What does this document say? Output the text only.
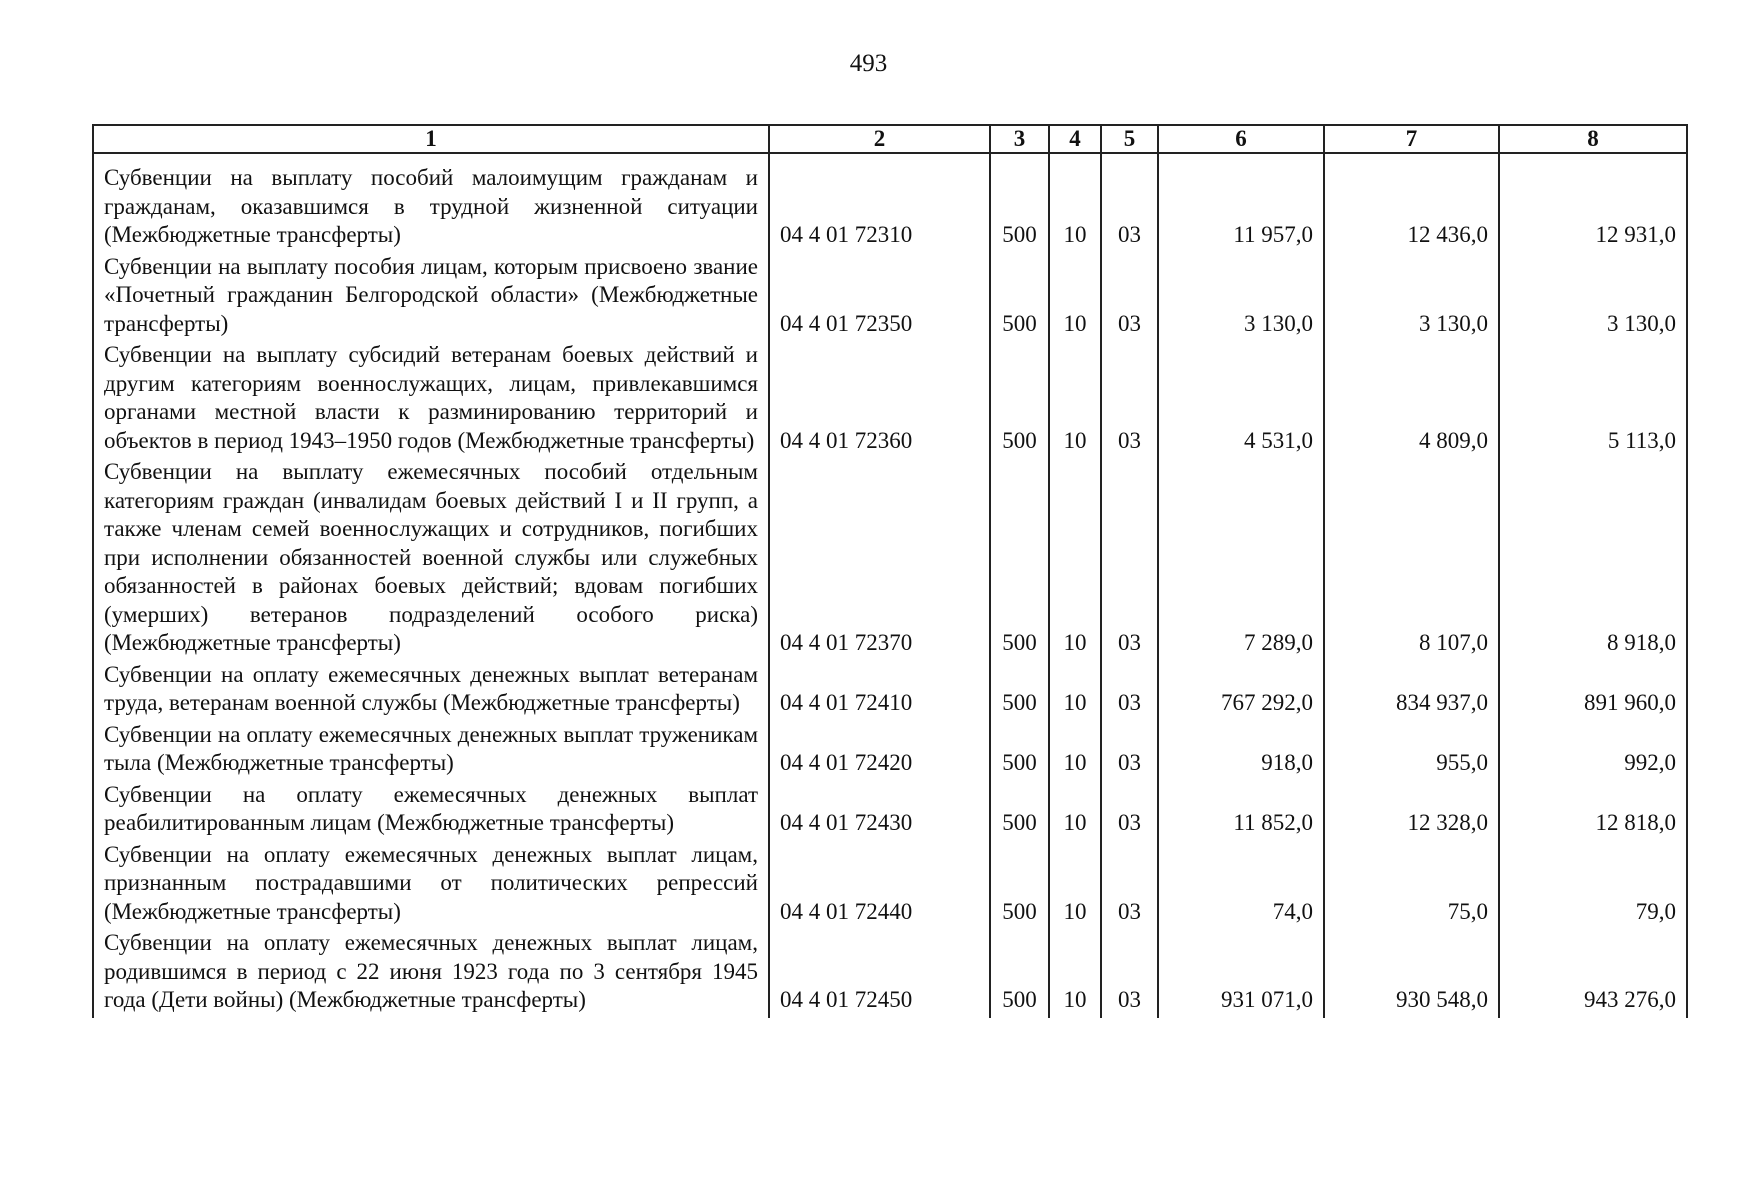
493
1	2	3	4	5	6	7	8
Субвенции на выплату пособий малоимущим гражданам и гражданам, оказавшимся в трудной жизненной ситуации (Межбюджетные трансферты)	04 4 01 72310	500	10	03	11 957,0	12 436,0	12 931,0
Субвенции на выплату пособия лицам, которым присвоено звание «Почетный гражданин Белгородской области» (Межбюджетные трансферты)	04 4 01 72350	500	10	03	3 130,0	3 130,0	3 130,0
Субвенции на выплату субсидий ветеранам боевых действий и другим категориям военнослужащих, лицам, привлекавшимся органами местной власти к разминированию территорий и объектов в период 1943–1950 годов (Межбюджетные трансферты)	04 4 01 72360	500	10	03	4 531,0	4 809,0	5 113,0
Субвенции на выплату ежемесячных пособий отдельным категориям граждан (инвалидам боевых действий I и II групп, а также членам семей военнослужащих и сотрудников, погибших при исполнении обязанностей военной службы или служебных обязанностей в районах боевых действий; вдовам погибших (умерших) ветеранов подразделений особого риска) (Межбюджетные трансферты)	04 4 01 72370	500	10	03	7 289,0	8 107,0	8 918,0
Субвенции на оплату ежемесячных денежных выплат ветеранам труда, ветеранам военной службы (Межбюджетные трансферты)	04 4 01 72410	500	10	03	767 292,0	834 937,0	891 960,0
Субвенции на оплату ежемесячных денежных выплат труженикам тыла (Межбюджетные трансферты)	04 4 01 72420	500	10	03	918,0	955,0	992,0
Субвенции на оплату ежемесячных денежных выплат реабилитированным лицам (Межбюджетные трансферты)	04 4 01 72430	500	10	03	11 852,0	12 328,0	12 818,0
Субвенции на оплату ежемесячных денежных выплат лицам, признанным пострадавшими от политических репрессий (Межбюджетные трансферты)	04 4 01 72440	500	10	03	74,0	75,0	79,0
Субвенции на оплату ежемесячных денежных выплат лицам, родившимся в период с 22 июня 1923 года по 3 сентября 1945 года (Дети войны) (Межбюджетные трансферты)	04 4 01 72450	500	10	03	931 071,0	930 548,0	943 276,0
